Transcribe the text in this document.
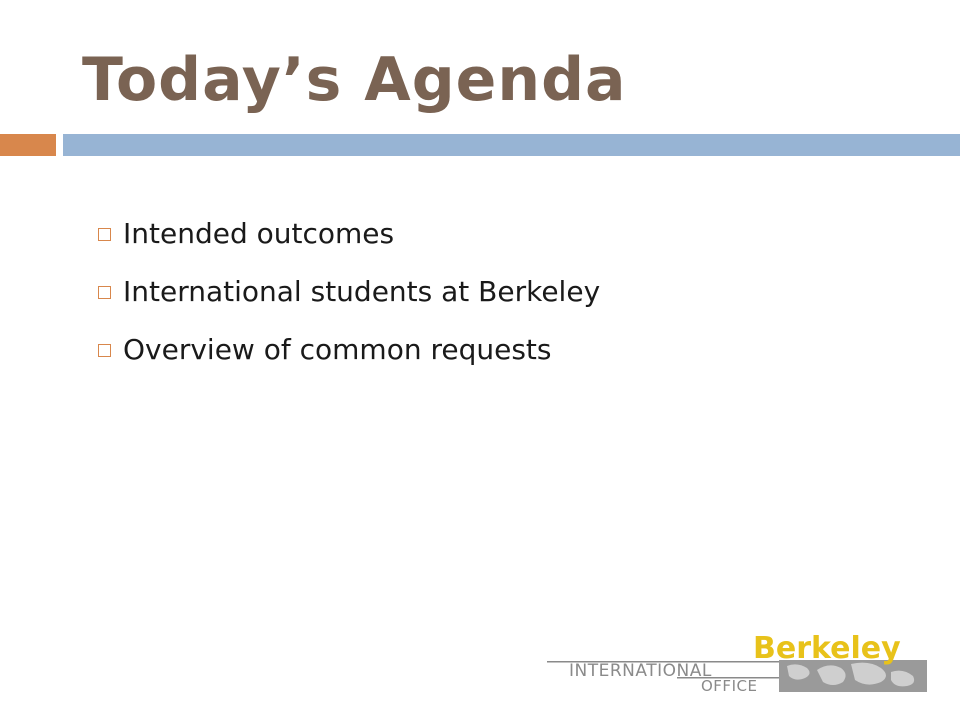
Today’s Agenda
Intended outcomes
International students at Berkeley
Overview of common requests
Berkeley
INTERNATIONAL
OFFICE
